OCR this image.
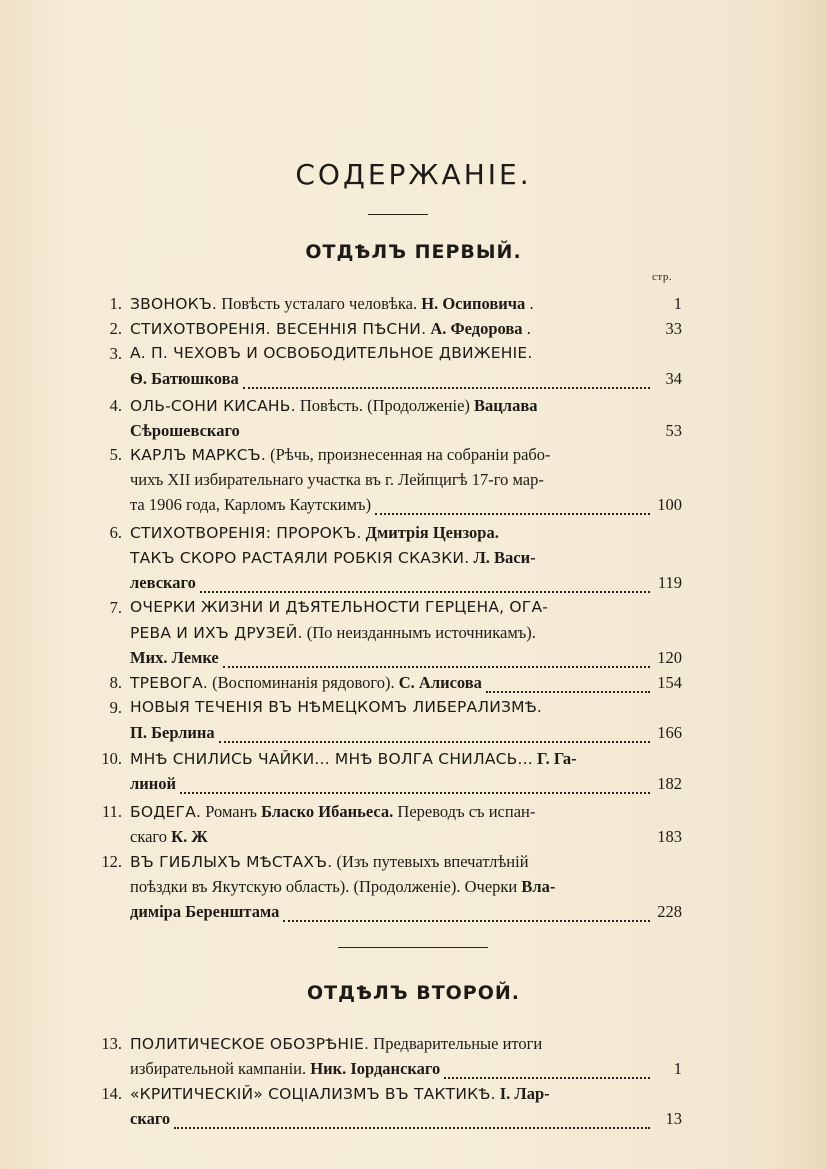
СОДЕРЖАНІЕ.
ОТДѢЛЪ ПЕРВЫЙ.
стр.
1. ЗВОНОКЪ. Повѣсть усталаго человѣка. Н. Осиповича .	1
2. СТИХОТВОРЕНІЯ. ВЕСЕННІЯ ПѢСНИ. А. Федорова .	33
3. А. П. ЧЕХОВЪ И ОСВОБОДИТЕЛЬНОЕ ДВИЖЕНІЕ.
Ѳ. Батюшкова	34
4. ОЛЬ-СОНИ КИСАНЬ. Повѣсть. (Продолженіе) Вацлава
Сѣрошевскаго	53
5. КАРЛЪ МАРКСЪ. (Рѣчь, произнесенная на собраніи рабо-
чихъ XII избирательнаго участка въ г. Лейпцигѣ 17-го мар-
та 1906 года, Карломъ Каутскимъ)	100
6. СТИХОТВОРЕНІЯ: ПРОРОКЪ. Дмитрія Цензора.
ТАКЪ СКОРО РАСТАЯЛИ РОБКІЯ СКАЗКИ. Л. Васи-
левскаго	119
7. ОЧЕРКИ ЖИЗНИ И ДѢЯТЕЛЬНОСТИ ГЕРЦЕНА, ОГА-
РЕВА И ИХЪ ДРУЗЕЙ. (По неизданнымъ источникамъ).
Мих. Лемке	120
8. ТРЕВОГА. (Воспоминанія рядового). С. Алисова	154
9. НОВЫЯ ТЕЧЕНІЯ ВЪ НѢМЕЦКОМЪ ЛИБЕРАЛИЗМѢ.
П. Берлина	166
10. МНѢ СНИЛИСЬ ЧАЙКИ... МНѢ ВОЛГА СНИЛАСЬ... Г. Га-
линой	182
11. БОДЕГА. Романъ Бласко Ибаньеса. Переводъ съ испан-
скаго К. Ж	183
12. ВЪ ГИБЛЫХЪ МѢСТАХЪ. (Изъ путевыхъ впечатлѣній
поѣздки въ Якутскую область). (Продолженіе). Очерки Вла-
диміра Беренштама	228
ОТДѢЛЪ ВТОРОЙ.
13. ПОЛИТИЧЕСКОЕ ОБОЗРѢНІЕ. Предварительные итоги
избирательной кампаніи. Ник. Іорданскаго	1
14. «КРИТИЧЕСКІЙ» СОЦІАЛИЗМЪ ВЪ ТАКТИКѢ. І. Лар-
скаго	13
